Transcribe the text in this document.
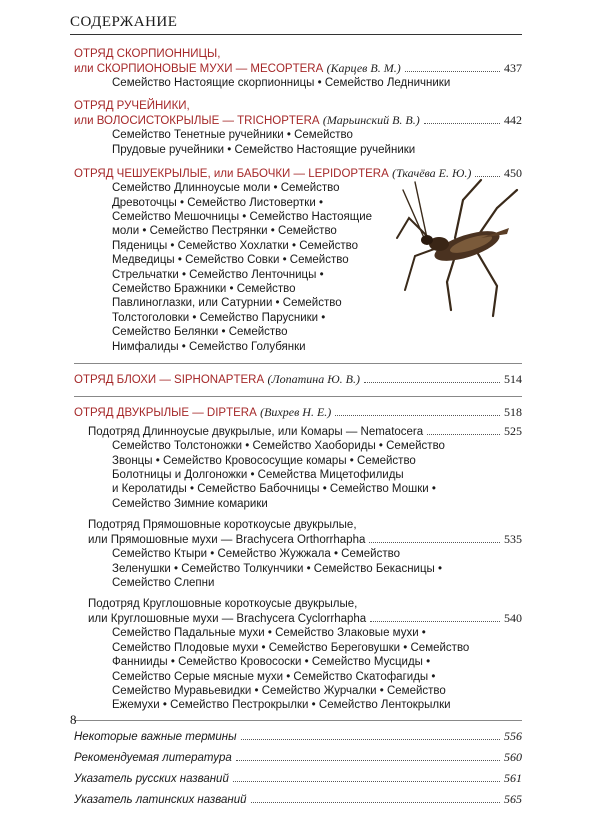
СОДЕРЖАНИЕ
ОТРЯД СКОРПИОННИЦЫ,
или СКОРПИОНОВЫЕ МУХИ — MECOPTERA
(Карцев В. М.)	437
Семейство Настоящие скорпионницы • Семейство Ледничники
ОТРЯД РУЧЕЙНИКИ,
или ВОЛОСИСТОКРЫЛЫЕ — TRICHOPTERA
(Марьинский В. В.)	442
Семейство Тенетные ручейники • Семейство
Прудовые ручейники • Семейство Настоящие ручейники
ОТРЯД ЧЕШУЕКРЫЛЫЕ, или БАБОЧКИ — LEPIDOPTERA
(Ткачёва Е. Ю.)	450
Семейство Длинноусые моли • Семейство
Древоточцы • Семейство Листовертки •
Семейство Мешочницы • Семейство Настоящие
моли • Семейство Пестрянки • Семейство
Пяденицы • Семейство Хохлатки • Семейство
Медведицы • Семейство Совки • Семейство
Стрельчатки • Семейство Ленточницы •
Семейство Бражники • Семейство
Павлиноглазки, или Сатурнии • Семейство
Толстоголовки • Семейство Парусники •
Семейство Белянки • Семейство
Нимфалиды • Семейство Голубянки
ОТРЯД БЛОХИ — SIPHONAPTERA
(Лопатина Ю. В.)	514
ОТРЯД ДВУКРЫЛЫЕ — DIPTERA
(Вихрев Н. Е.)	518
Подотряд Длинноусые двукрылые, или Комары — Nematocera	525
Семейство Толстоножки • Семейство Хаобориды • Семейство
Звонцы • Семейство Кровососущие комары • Семейство
Болотницы и Долгоножки • Семейства Мицетофилиды
и Керолатиды • Семейство Бабочницы • Семейство Мошки •
Семейство Зимние комарики
Подотряд Прямошовные короткоусые двукрылые,
или Прямошовные мухи — Brachycera Orthorrhapha	535
Семейство Ктыри • Семейство Жужжала • Семейство
Зеленушки • Семейство Толкунчики • Семейство Бекасницы •
Семейство Слепни
Подотряд Круглошовные короткоусые двукрылые,
или Круглошовные мухи — Brachycera Cyclorrhapha	540
Семейство Падальные мухи • Семейство Злаковые мухи •
Семейство Плодовые мухи • Семейство Береговушки • Семейство
Фаннииды • Семейство Кровососки • Семейство Мусциды •
Семейство Серые мясные мухи • Семейство Скатофагиды •
Семейство Муравьевидки • Семейство Журчалки • Семейство
Ежемухи • Семейство Пестрокрылки • Семейство Лентокрылки
Некоторые важные термины	556
Рекомендуемая литература	560
Указатель русских названий	561
Указатель латинских названий	565
8
